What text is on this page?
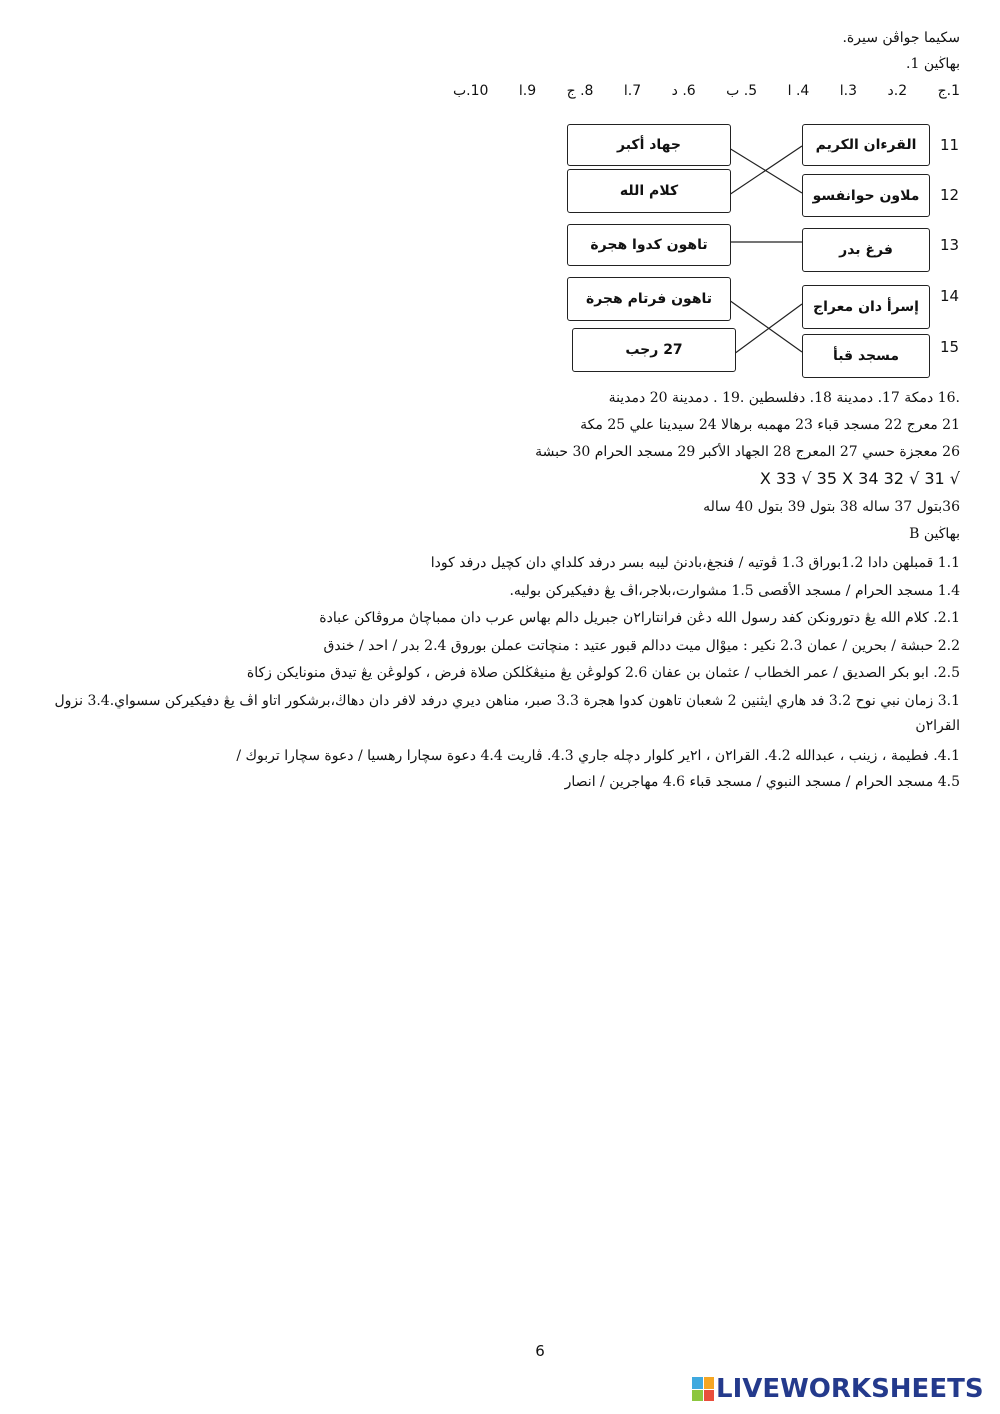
سکيما جواڤن سيرة.
بهاڬين 1.
1.ج 2.د 3.ا 4. ا 5. ب 6. د 7.ا 8. ج 9.ا 10.ب
جهاد أكبر
كلام الله
تاهون كدوا هجرة
تاهون فرتام هجرة
27 رجب
القرءان الكريم
ملاون حوانفسو
فرغ بدر
إسرأ دان معراج
مسجد قبأ
11
12
13
14
15
.16 دمكة 17. دمدينة 18. دفلسطين .19 . دمدينة 20 دمدينة
21 معرج 22 مسجد قباء 23 مهمبه برهالا 24 سيدينا علي 25 مكة
26 معجزة حسي 27 المعرج 28 الجهاد الأكبر 29 مسجد الحرام 30 حبشة
√ 31 √ 32 X 33 √ 35 X 34
36بتول 37 ساله 38 بتول 39 بتول 40 ساله
بهاڬين B
1.1 قمبلهن دادا 1.2بوراق 1.3 ڤوتيه / فنجغ،بادنڽ ليبه بسر درفد كلداي دان كچيل درفد كودا
1.4 مسجد الحرام / مسجد الأقصى 1.5 مشوارت،بلاجر،اڤ يڠ دفيکيرکن بوليه.
2.1. كلام الله يڠ دتورونكن كفد رسول الله دڠن فرانتارا٢ن جبريل دالم بهاس عرب دان ممباچاڽ مروڤاكن عبادة
2.2 حبشة / بحرين / عمان 2.3 نكير : ميوْال ميت ددالم قبور عتيد : منچاتت عملن بوروق 2.4 بدر / احد / خندق
2.5. ابو بكر الصديق / عمر الخطاب / عثمان بن عفان 2.6 كولوڠن يڠ منيڠڬلكن صلاة فرض ، كولوڠن يڠ تيدق منوناي​كن زكاة
3.1 زمان نبي نوح 3.2 فد هاري ايثنين 2 شعبان تاهون كدوا هجرة 3.3 صبر، مناهن ديري درفد لافر دان دهاڬ،برشكور اتاو اڤ يڠ دفيکيرکن سسواي.3.4 نزول
القرا٢ن
4.1. فطيمة ، زينب ، عبدالله 4.2. القرا٢ن ، ا٢ير كلوار دچله جاري 4.3. ڤاريت 4.4 دعوة سچارا رهسيا / دعوة سچارا تربوك /
4.5 مسجد الحرام / مسجد النبوي / مسجد قباء 4.6 مهاجرين / انصار
6
LIVEWORKSHEETS
